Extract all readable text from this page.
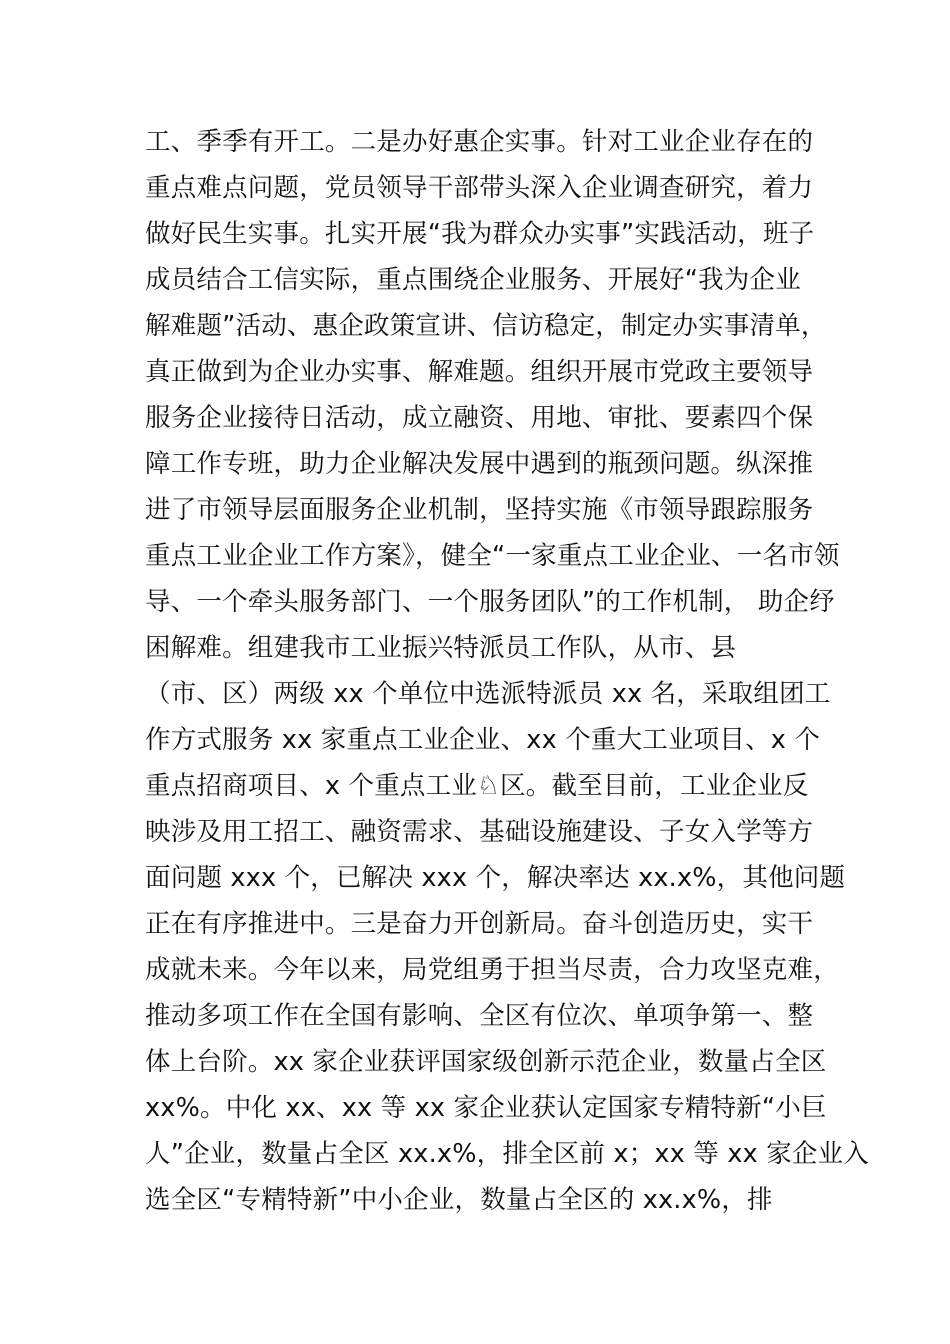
工、季季有开工。二是办好惠企实事。针对工业企业存在的
重点难点问题，党员领导干部带头深入企业调查研究，着力
做好民生实事。扎实开展“我为群众办实事”实践活动，班子
成员结合工信实际，重点围绕企业服务、开展好“我为企业
解难题”活动、惠企政策宣讲、信访稳定，制定办实事清单，
真正做到为企业办实事、解难题。组织开展市党政主要领导
服务企业接待日活动，成立融资、用地、审批、要素四个保
障工作专班，助力企业解决发展中遇到的瓶颈问题。纵深推
进了市领导层面服务企业机制，坚持实施《市领导跟踪服务
重点工业企业工作方案》，健全“一家重点工业企业、一名市领
导、一个牵头服务部门、一个服务团队”的工作机制， 助企纾
困解难。组建我市工业振兴特派员工作队，从市、县
（市、区）两级 xx 个单位中选派特派员 xx 名，采取组团工
作方式服务 xx 家重点工业企业、xx 个重大工业项目、x 个
重点招商项目、x 个重点工业♘区。截至目前，工业企业反
映涉及用工招工、融资需求、基础设施建设、子女入学等方
面问题 xxx 个，已解决 xxx 个，解决率达 xx.x%，其他问题
正在有序推进中。三是奋力开创新局。奋斗创造历史，实干
成就未来。今年以来，局党组勇于担当尽责，合力攻坚克难，
推动多项工作在全国有影响、全区有位次、单项争第一、整
体上台阶。xx 家企业获评国家级创新示范企业，数量占全区
xx%。中化 xx、xx 等 xx 家企业获认定国家专精特新“小巨
人”企业，数量占全区 xx.x%，排全区前 x；xx 等 xx 家企业入
选全区“专精特新”中小企业，数量占全区的 xx.x%，排
